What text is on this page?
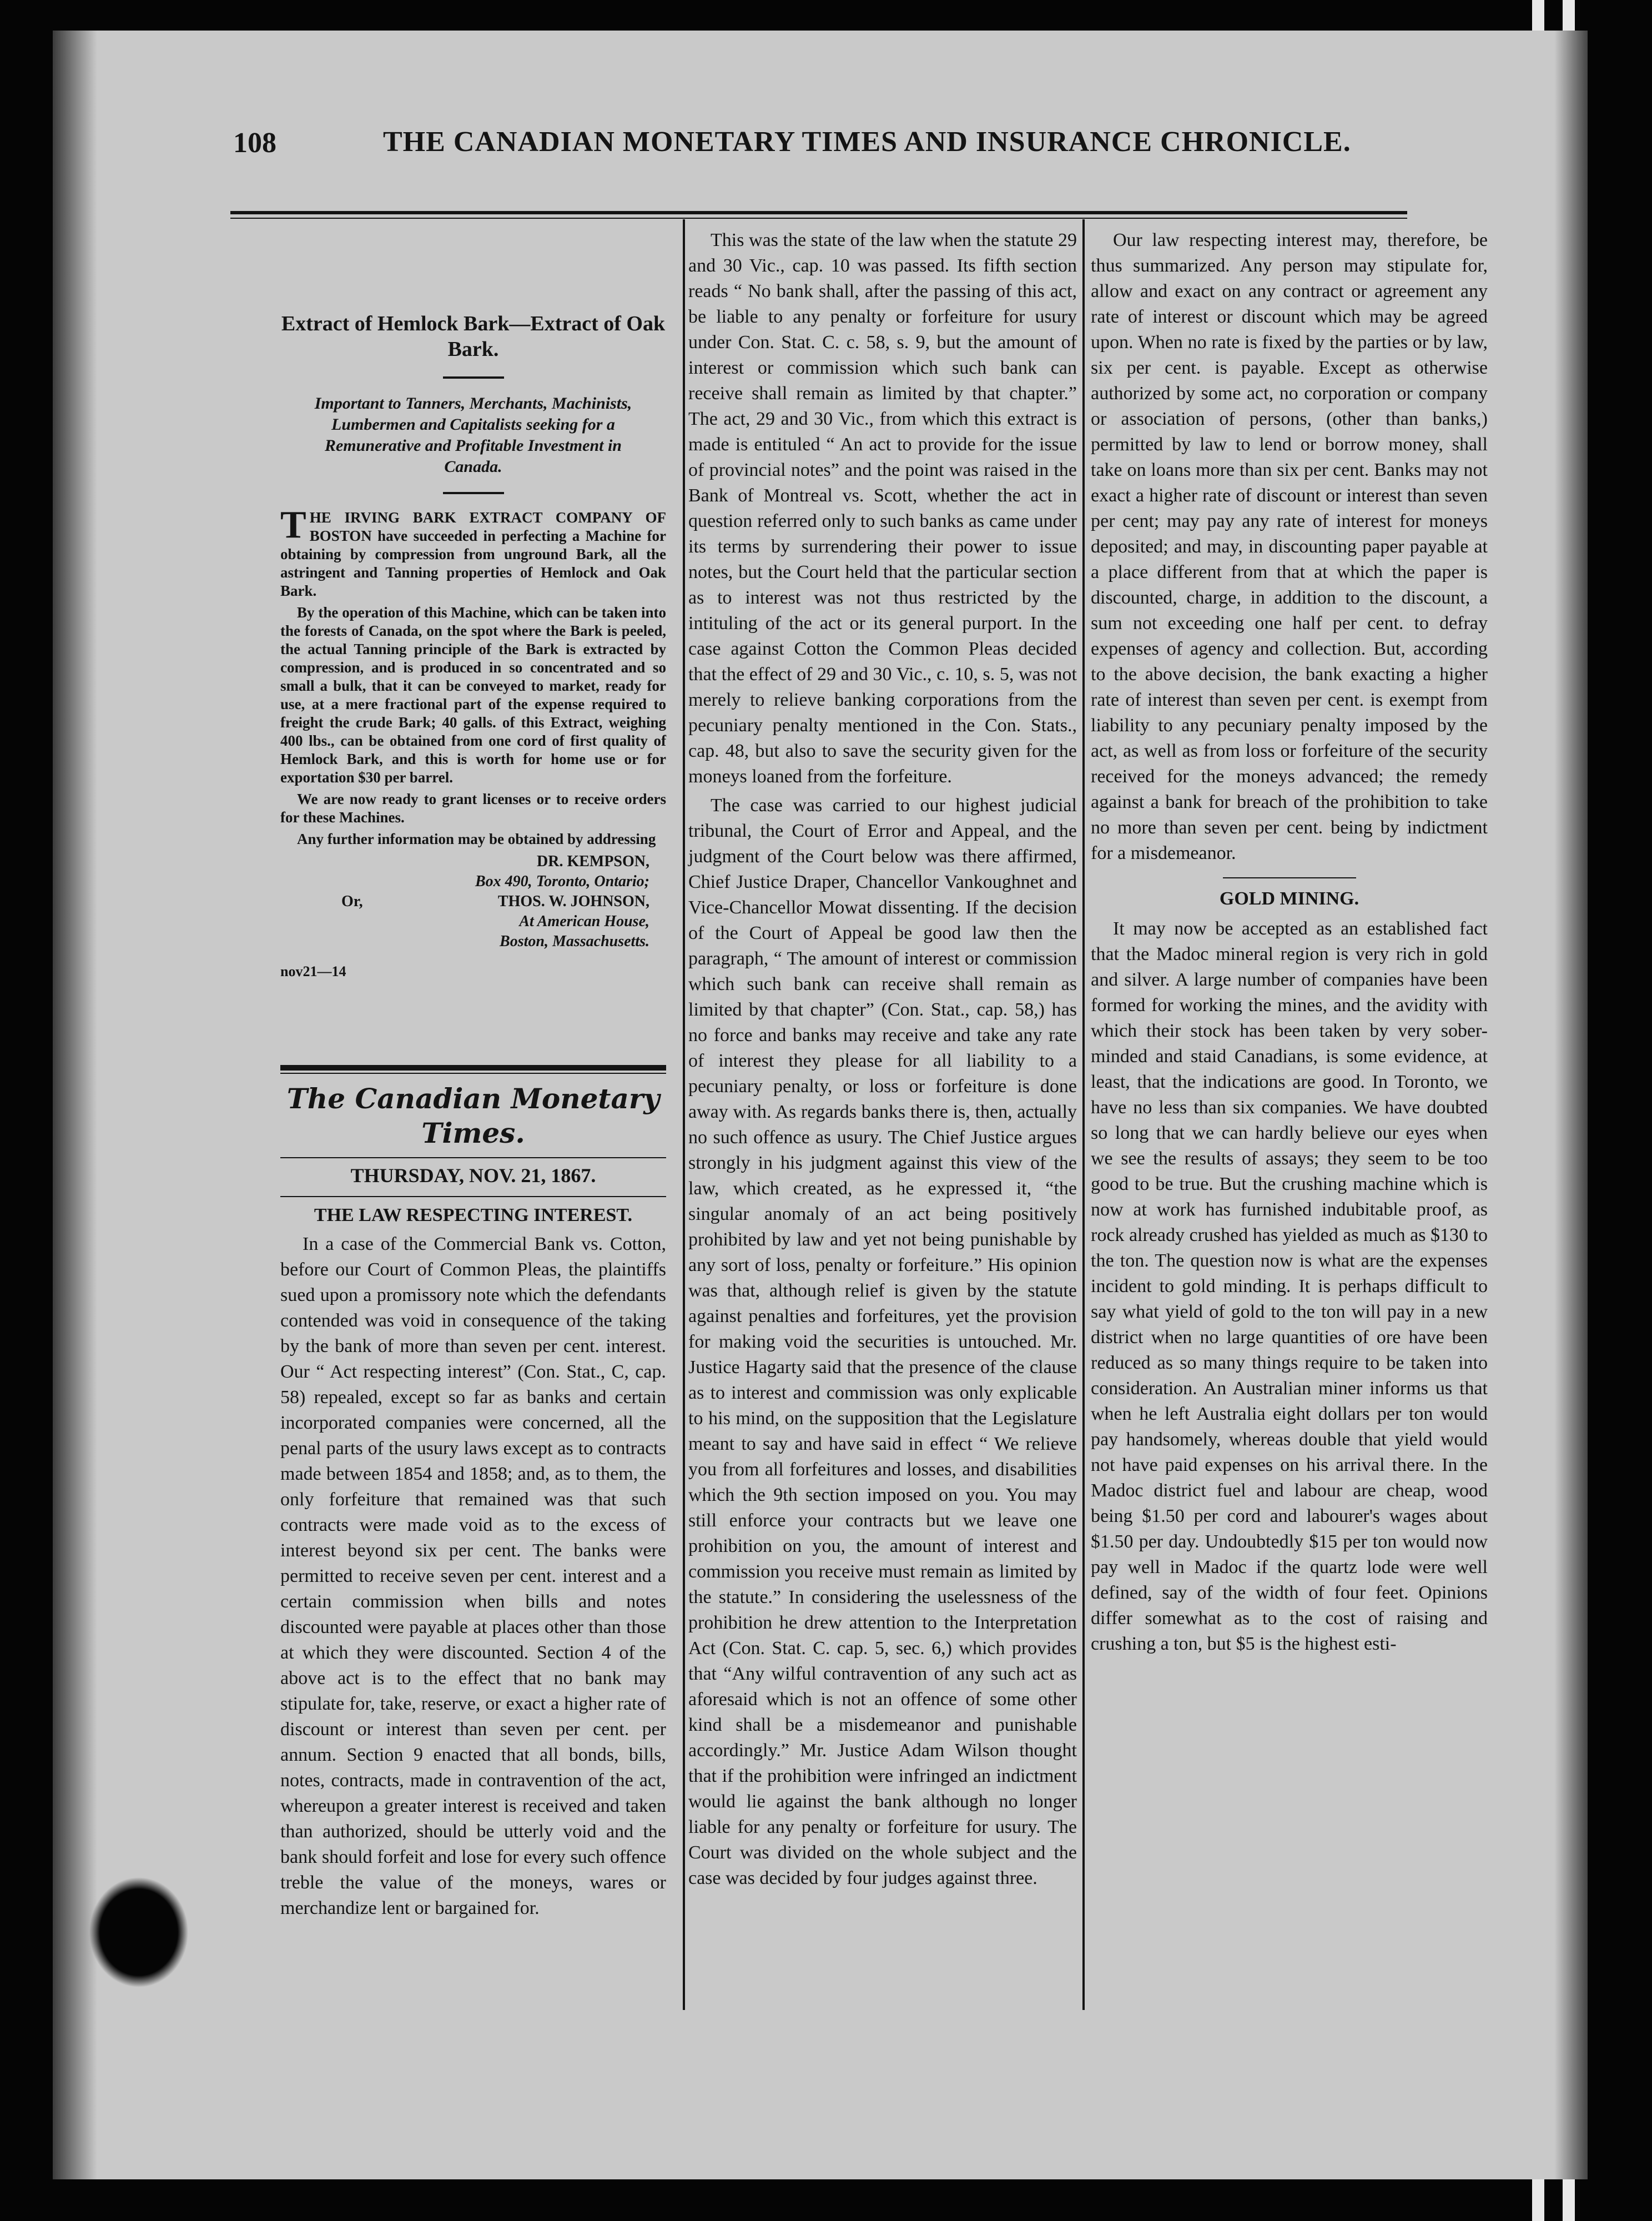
108	THE CANADIAN MONETARY TIMES AND INSURANCE CHRONICLE.
Extract of Hemlock Bark—Extract of Oak Bark.
Important to Tanners, Merchants, Machinists, Lumbermen and Capitalists seeking for a Remunerative and Profitable Investment in Canada.

THE IRVING BARK EXTRACT COMPANY OF BOSTON have succeeded in perfecting a Machine for obtaining by compression from unground Bark, all the astringent and Tanning properties of Hemlock and Oak Bark.

By the operation of this Machine, which can be taken into the forests of Canada, on the spot where the Bark is peeled, the actual Tanning principle of the Bark is extracted by compression, and is produced in so concentrated and so small a bulk, that it can be conveyed to market, ready for use, at a mere fractional part of the expense required to freight the crude Bark; 40 galls. of this Extract, weighing 400 lbs., can be obtained from one cord of first quality of Hemlock Bark, and this is worth for home use or for exportation $30 per barrel.

We are now ready to grant licenses or to receive orders for these Machines.

Any further information may be obtained by addressing

DR. KEMPSON,
Box 490, Toronto, Ontario;
Or,	THOS. W. JOHNSON,
At American House,
Boston, Massachusetts.
nov21—14
The Canadian Monetary Times.
THURSDAY, NOV. 21, 1867.
THE LAW RESPECTING INTEREST.

In a case of the Commercial Bank vs. Cotton, before our Court of Common Pleas, the plaintiffs sued upon a promissory note which the defendants contended was void in consequence of the taking by the bank of more than seven per cent. interest. Our “ Act respecting interest” (Con. Stat., C, cap. 58) repealed, except so far as banks and certain incorporated companies were concerned, all the penal parts of the usury laws except as to contracts made between 1854 and 1858; and, as to them, the only forfeiture that remained was that such contracts were made void as to the excess of interest beyond six per cent. The banks were permitted to receive seven per cent. interest and a certain commission when bills and notes discounted were payable at places other than those at which they were discounted. Section 4 of the above act is to the effect that no bank may stipulate for, take, reserve, or exact a higher rate of discount or interest than seven per cent. per annum. Section 9 enacted that all bonds, bills, notes, contracts, made in contravention of the act, whereupon a greater interest is received and taken than authorized, should be utterly void and the bank should forfeit and lose for every such offence treble the value of the moneys, wares or merchandize lent or bargained for.

This was the state of the law when the statute 29 and 30 Vic., cap. 10 was passed. Its fifth section reads “ No bank shall, after the passing of this act, be liable to any penalty or forfeiture for usury under Con. Stat. C. c. 58, s. 9, but the amount of interest or commission which such bank can receive shall remain as limited by that chapter.” The act, 29 and 30 Vic., from which this extract is made is entituled “ An act to provide for the issue of provincial notes” and the point was raised in the Bank of Montreal vs. Scott, whether the act in question referred only to such banks as came under its terms by surrendering their power to issue notes, but the Court held that the particular section as to interest was not thus restricted by the intituling of the act or its general purport. In the case against Cotton the Common Pleas decided that the effect of 29 and 30 Vic., c. 10, s. 5, was not merely to relieve banking corporations from the pecuniary penalty mentioned in the Con. Stats., cap. 48, but also to save the security given for the moneys loaned from the forfeiture.

The case was carried to our highest judicial tribunal, the Court of Error and Appeal, and the judgment of the Court below was there affirmed, Chief Justice Draper, Chancellor Vankoughnet and Vice-Chancellor Mowat dissenting. If the decision of the Court of Appeal be good law then the paragraph, “ The amount of interest or commission which such bank can receive shall remain as limited by that chapter” (Con. Stat., cap. 58,) has no force and banks may receive and take any rate of interest they please for all liability to a pecuniary penalty, or loss or forfeiture is done away with. As regards banks there is, then, actually no such offence as usury. The Chief Justice argues strongly in his judgment against this view of the law, which created, as he expressed it, “the singular anomaly of an act being positively prohibited by law and yet not being punishable by any sort of loss, penalty or forfeiture.” His opinion was that, although relief is given by the statute against penalties and forfeitures, yet the provision for making void the securities is untouched. Mr. Justice Hagarty said that the presence of the clause as to interest and commission was only explicable to his mind, on the supposition that the Legislature meant to say and have said in effect “ We relieve you from all forfeitures and losses, and disabilities which the 9th section imposed on you. You may still enforce your contracts but we leave one prohibition on you, the amount of interest and commission you receive must remain as limited by the statute.” In considering the uselessness of the prohibition he drew attention to the Interpretation Act (Con. Stat. C. cap. 5, sec. 6,) which provides that “Any wilful contravention of any such act as aforesaid which is not an offence of some other kind shall be a misdemeanor and punishable accordingly.” Mr. Justice Adam Wilson thought that if the prohibition were infringed an indictment would lie against the bank although no longer liable for any penalty or forfeiture for usury. The Court was divided on the whole subject and the case was decided by four judges against three.

Our law respecting interest may, therefore, be thus summarized. Any person may stipulate for, allow and exact on any contract or agreement any rate of interest or discount which may be agreed upon. When no rate is fixed by the parties or by law, six per cent. is payable. Except as otherwise authorized by some act, no corporation or company or association of persons, (other than banks,) permitted by law to lend or borrow money, shall take on loans more than six per cent. Banks may not exact a higher rate of discount or interest than seven per cent; may pay any rate of interest for moneys deposited; and may, in discounting paper payable at a place different from that at which the paper is discounted, charge, in addition to the discount, a sum not exceeding one half per cent. to defray expenses of agency and collection. But, according to the above decision, the bank exacting a higher rate of interest than seven per cent. is exempt from liability to any pecuniary penalty imposed by the act, as well as from loss or forfeiture of the security received for the moneys advanced; the remedy against a bank for breach of the prohibition to take no more than seven per cent. being by indictment for a misdemeanor.

GOLD MINING.

It may now be accepted as an established fact that the Madoc mineral region is very rich in gold and silver. A large number of companies have been formed for working the mines, and the avidity with which their stock has been taken by very sober-minded and staid Canadians, is some evidence, at least, that the indications are good. In Toronto, we have no less than six companies. We have doubted so long that we can hardly believe our eyes when we see the results of assays; they seem to be too good to be true. But the crushing machine which is now at work has furnished indubitable proof, as rock already crushed has yielded as much as $130 to the ton. The question now is what are the expenses incident to gold minding. It is perhaps difficult to say what yield of gold to the ton will pay in a new district when no large quantities of ore have been reduced as so many things require to be taken into consideration. An Australian miner informs us that when he left Australia eight dollars per ton would pay handsomely, whereas double that yield would not have paid expenses on his arrival there. In the Madoc district fuel and labour are cheap, wood being $1.50 per cord and labourer's wages about $1.50 per day. Undoubtedly $15 per ton would now pay well in Madoc if the quartz lode were well defined, say of the width of four feet. Opinions differ somewhat as to the cost of raising and crushing a ton, but $5 is the highest esti-
